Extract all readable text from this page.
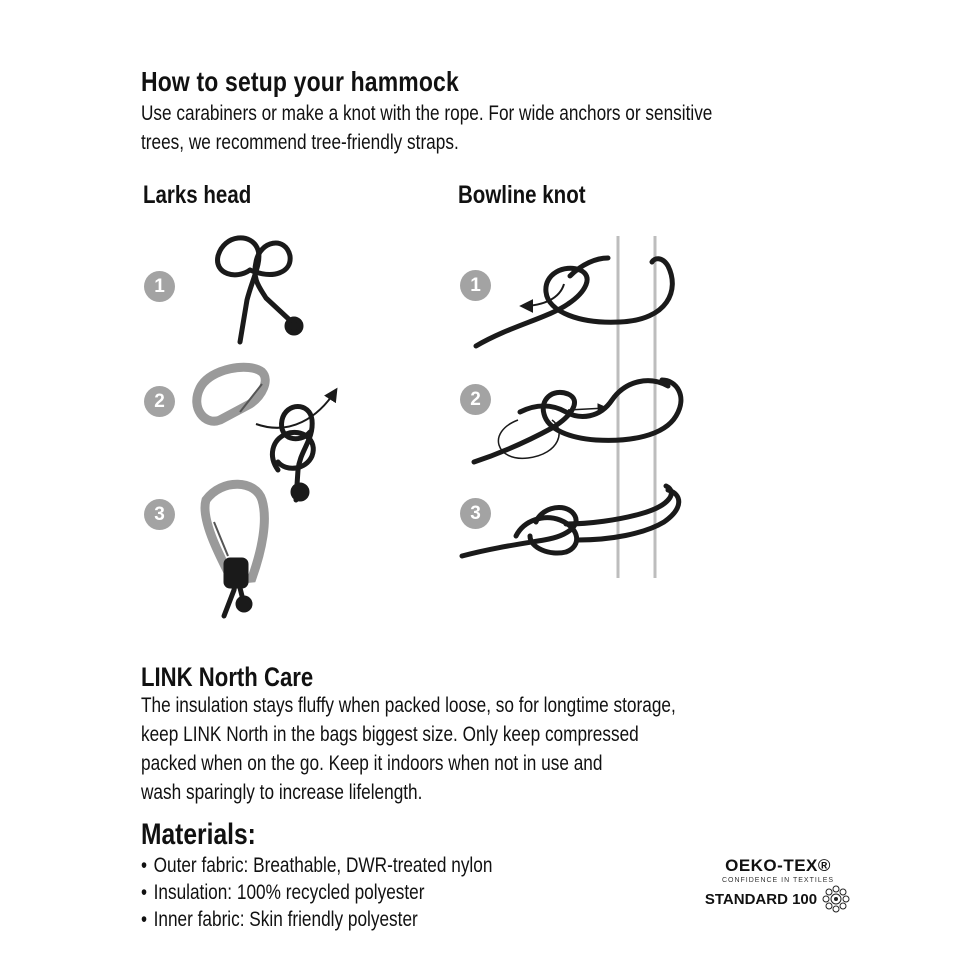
How to setup your hammock
Use carabiners or make a knot with the rope. For wide anchors or sensitive
trees, we recommend tree-friendly straps.
Larks head	Bowline knot
1
2
3
1
2
3
LINK North Care
The insulation stays fluffy when packed loose, so for longtime storage,
keep LINK North in the bags biggest size. Only keep compressed
packed when on the go. Keep it indoors when not in use and
wash sparingly to increase lifelength.
Materials:
• Outer fabric: Breathable, DWR-treated nylon
• Insulation: 100% recycled polyester
• Inner fabric: Skin friendly polyester
OEKO-TEX®
CONFIDENCE IN TEXTILES
STANDARD 100
